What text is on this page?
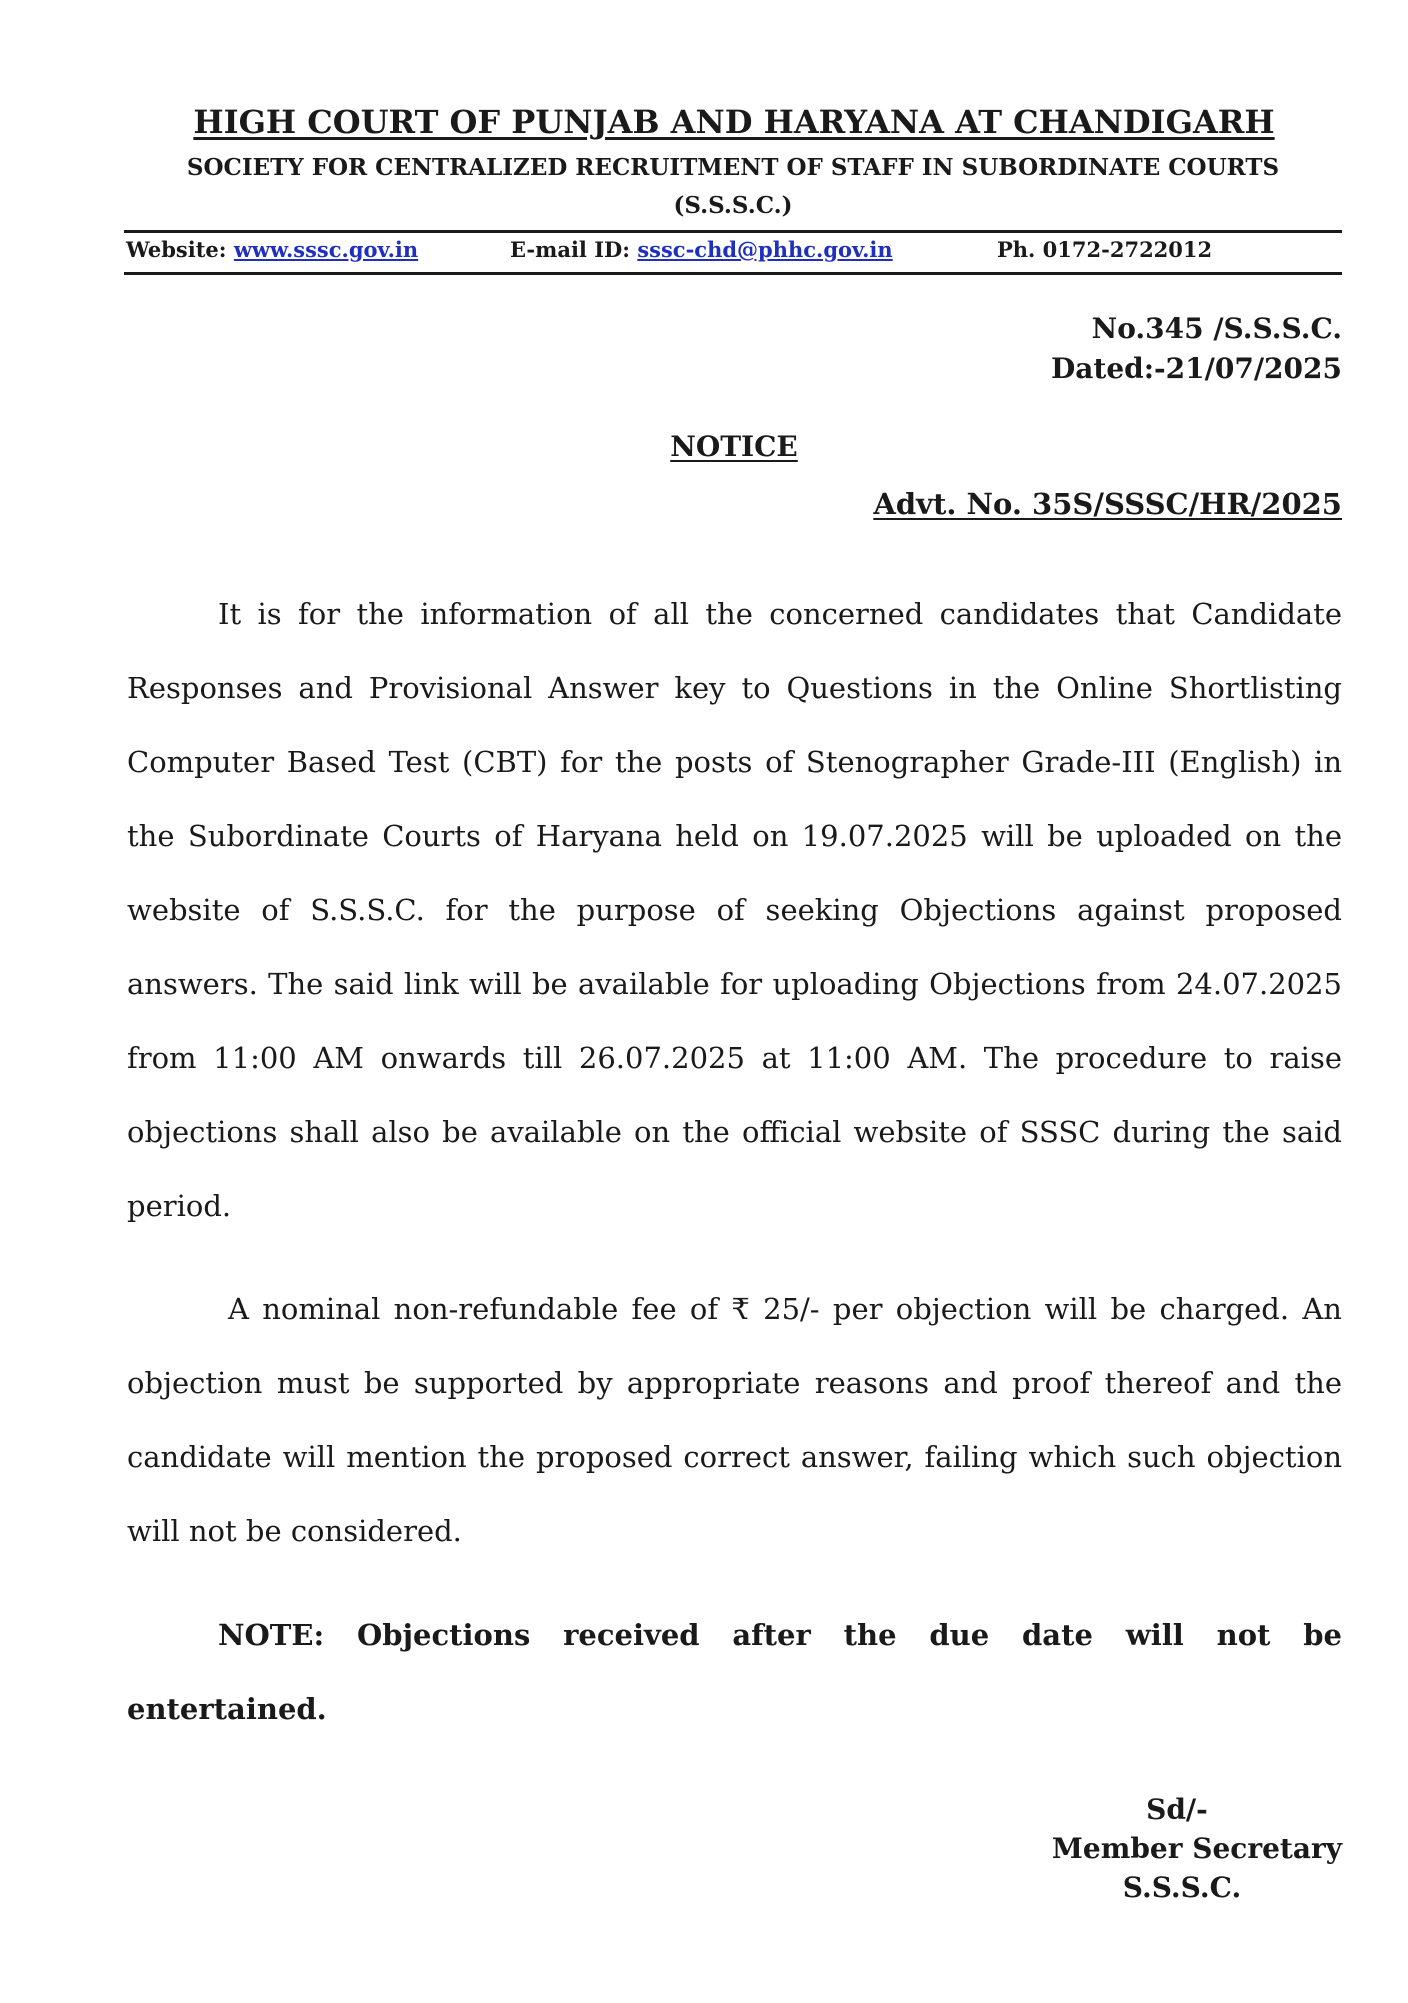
HIGH COURT OF PUNJAB AND HARYANA AT CHANDIGARH
SOCIETY FOR CENTRALIZED RECRUITMENT OF STAFF IN SUBORDINATE COURTS
(S.S.S.C.)
Website: www.sssc.gov.in	E-mail ID: sssc-chd@phhc.gov.in	Ph. 0172-2722012
No.345 /S.S.S.C.
Dated:-21/07/2025
NOTICE
Advt. No. 35S/SSSC/HR/2025

It is for the information of all the concerned candidates that Candidate Responses and Provisional Answer key to Questions in the Online Shortlisting Computer Based Test (CBT) for the posts of Stenographer Grade-III (English) in the Subordinate Courts of Haryana held on 19.07.2025 will be uploaded on the website of S.S.S.C. for the purpose of seeking Objections against proposed answers. The said link will be available for uploading Objections from 24.07.2025 from 11:00 AM onwards till 26.07.2025 at 11:00 AM. The procedure to raise objections shall also be available on the official website of SSSC during the said period.

A nominal non-refundable fee of ₹ 25/- per objection will be charged. An objection must be supported by appropriate reasons and proof thereof and the candidate will mention the proposed correct answer, failing which such objection will not be considered.

NOTE: Objections received after the due date will not be entertained.

Sd/-
Member Secretary
S.S.S.C.
